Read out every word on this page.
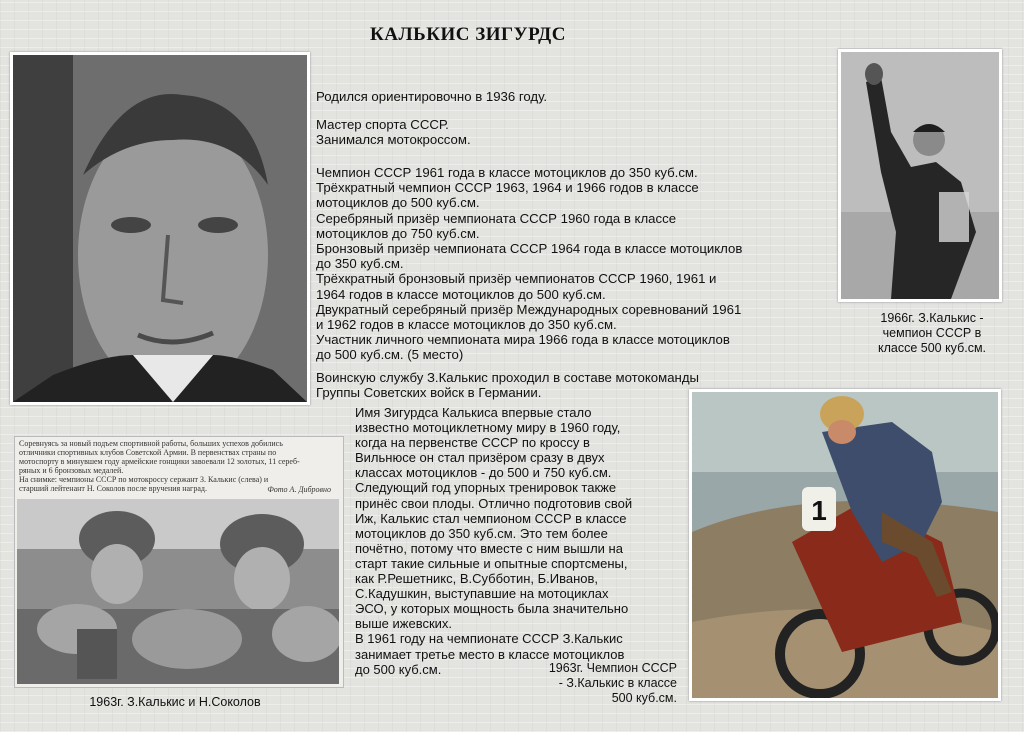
КАЛЬКИС ЗИГУРДС
1966г. З.Калькис -
чемпион СССР в
классе 500 куб.см.
Родился ориентировочно в 1936 году.
Мастер спорта СССР.
Занимался мотокроссом.
Чемпион СССР 1961 года в классе мотоциклов до 350 куб.см.
Трёхкратный чемпион СССР 1963, 1964 и 1966 годов в классе
мотоциклов до 500 куб.см.
Серебряный призёр чемпионата СССР 1960 года в классе
мотоциклов до 750 куб.см.
Бронзовый призёр чемпионата СССР 1964 года в классе мотоциклов
до 350 куб.см.
Трёхкратный бронзовый призёр чемпионатов СССР 1960, 1961 и
1964 годов в классе мотоциклов до 500 куб.см.
Двукратный серебряный призёр Международных соревнований 1961
и 1962 годов в классе мотоциклов до 350 куб.см.
Участник личного чемпионата мира 1966 года в классе мотоциклов
до 500 куб.см. (5 место)
Воинскую службу З.Калькис проходил в составе мотокоманды
Группы Советских войск в Германии.
Имя Зигурдса Калькиса впервые стало
известно мотоциклетному миру в 1960 году,
когда на первенстве СССР по кроссу в
Вильнюсе он стал призёром сразу в двух
классах мотоциклов - до 500 и 750 куб.см.
Следующий год упорных тренировок также
принёс свои плоды. Отлично подготовив свой
Иж, Калькис стал чемпионом СССР в классе
мотоциклов до 350 куб.см. Это тем более
почётно, потому что вместе с ним вышли на
старт такие сильные и опытные спортсмены,
как Р.Решетникс, В.Субботин, Б.Иванов,
С.Кадушкин, выступавшие на мотоциклах
ЭСО, у которых мощность была значительно
выше ижевских.
В 1961 году на чемпионате СССР З.Калькис
занимает третье место в классе мотоциклов
до 500 куб.см.
Соревнуясь за новый подъем спортивной работы, больших успехов добились
отличники спортивных клубов Советской Армии. В первенствах страны по
мотоспорту в минувшем году армейские гонщики завоевали 12 золотых, 11 сереб-
ряных и 6 бронзовых медалей.
На снимке: чемпионы СССР по мотокроссу сержант З. Калькис (слева) и
старший лейтенант Н. Соколов после вручения наград.	Фото А. Дибровно
1963г. З.Калькис и Н.Соколов
1
1963г. Чемпион СССР
- З.Калькис в классе
500 куб.см.
